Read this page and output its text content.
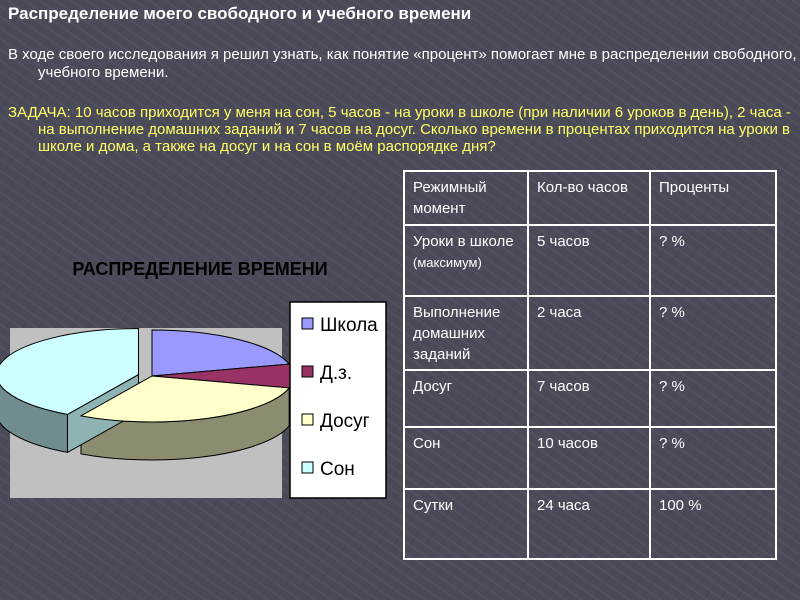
Распределение моего свободного и учебного времени

В ходе своего исследования я решил узнать, как понятие «процент» помогает мне в распределении свободного, учебного времени.

ЗАДАЧА: 10 часов приходится у меня на сон, 5 часов - на уроки в школе (при наличии 6 уроков в день), 2 часа - на выполнение домашних заданий и 7 часов на досуг. Сколько времени в процентах приходится на уроки в школе и дома, а также на досуг и на сон в моём распорядке дня?

РАСПРЕДЕЛЕНИЕ ВРЕМЕНИ
Школа
Д.з.
Досуг
Сон
Режимный момент	Кол-во часов	Проценты
Уроки в школе
(максимум)	5 часов	? %
Выполнение домашних заданий	2 часа	? %
Досуг	7 часов	? %
Сон	10 часов	? %
Сутки	24 часа	100 %
